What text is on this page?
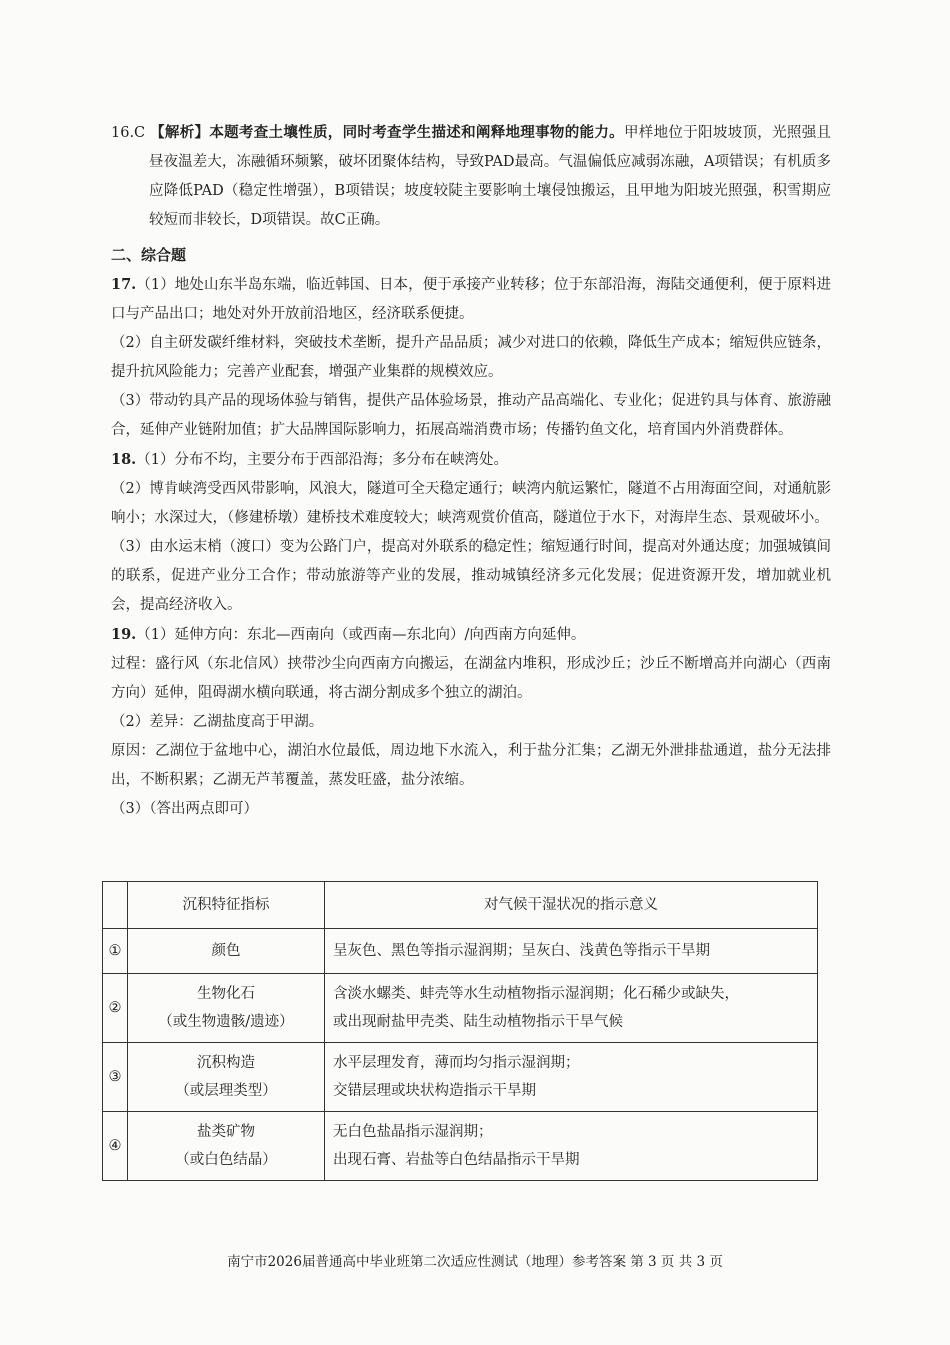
16.C 【解析】本题考查土壤性质，同时考查学生描述和阐释地理事物的能力。甲样地位于阳坡坡顶，光照强且昼夜温差大，冻融循环频繁，破坏团聚体结构，导致PAD最高。气温偏低应减弱冻融，A项错误；有机质多应降低PAD（稳定性增强），B项错误；坡度较陡主要影响土壤侵蚀搬运，且甲地为阳坡光照强，积雪期应较短而非较长，D项错误。故C正确。

二、综合题

17.（1）地处山东半岛东端，临近韩国、日本，便于承接产业转移；位于东部沿海，海陆交通便利，便于原料进口与产品出口；地处对外开放前沿地区，经济联系便捷。

（2）自主研发碳纤维材料，突破技术垄断，提升产品品质；减少对进口的依赖，降低生产成本；缩短供应链条，提升抗风险能力；完善产业配套，增强产业集群的规模效应。

（3）带动钓具产品的现场体验与销售，提供产品体验场景，推动产品高端化、专业化；促进钓具与体育、旅游融合，延伸产业链附加值；扩大品牌国际影响力，拓展高端消费市场；传播钓鱼文化，培育国内外消费群体。

18.（1）分布不均，主要分布于西部沿海；多分布在峡湾处。

（2）博肯峡湾受西风带影响，风浪大，隧道可全天稳定通行；峡湾内航运繁忙，隧道不占用海面空间，对通航影响小；水深过大，（修建桥墩）建桥技术难度较大；峡湾观赏价值高，隧道位于水下，对海岸生态、景观破坏小。

（3）由水运末梢（渡口）变为公路门户，提高对外联系的稳定性；缩短通行时间，提高对外通达度；加强城镇间的联系，促进产业分工合作；带动旅游等产业的发展，推动城镇经济多元化发展；促进资源开发，增加就业机会，提高经济收入。

19.（1）延伸方向：东北—西南向（或西南—东北向）/向西南方向延伸。

过程：盛行风（东北信风）挟带沙尘向西南方向搬运，在湖盆内堆积，形成沙丘；沙丘不断增高并向湖心（西南方向）延伸，阻碍湖水横向联通，将古湖分割成多个独立的湖泊。

（2）差异：乙湖盐度高于甲湖。

原因：乙湖位于盆地中心，湖泊水位最低，周边地下水流入，利于盐分汇集；乙湖无外泄排盐通道，盐分无法排出，不断积累；乙湖无芦苇覆盖，蒸发旺盛，盐分浓缩。

（3）（答出两点即可）

	沉积特征指标	对气候干湿状况的指示意义
①	颜色	呈灰色、黑色等指示湿润期；呈灰白、浅黄色等指示干旱期

②	生物化石
（或生物遗骸/遗迹）	含淡水螺类、蚌壳等水生动植物指示湿润期；化石稀少或缺失，
或出现耐盐甲壳类、陆生动植物指示干旱气候

③	沉积构造
（或层理类型）	水平层理发育，薄而均匀指示湿润期；
交错层理或块状构造指示干旱期

④	盐类矿物
（或白色结晶）	无白色盐晶指示湿润期；
出现石膏、岩盐等白色结晶指示干旱期
南宁市2026届普通高中毕业班第二次适应性测试（地理）参考答案 第 3 页 共 3 页
